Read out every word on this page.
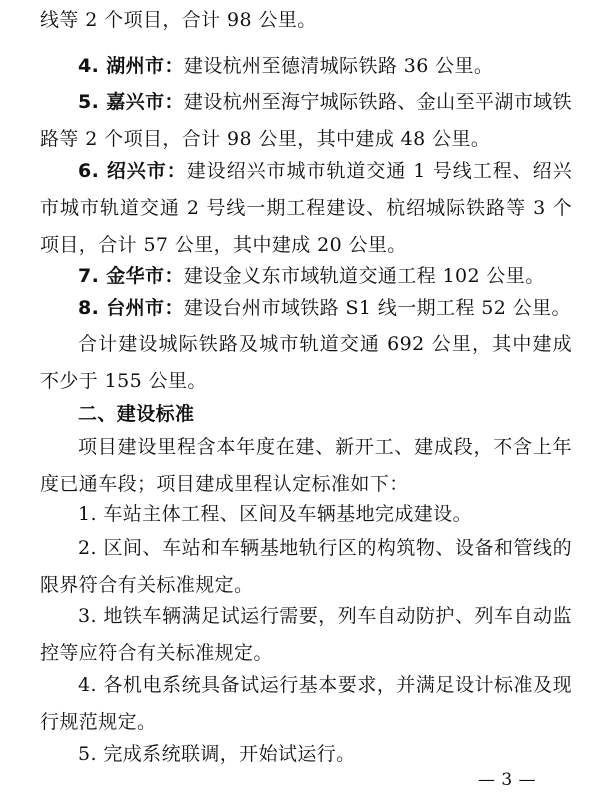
线等 2 个项目，合计 98 公里。

4. 湖州市：建设杭州至德清城际铁路 36 公里。

5. 嘉兴市：建设杭州至海宁城际铁路、金山至平湖市域铁路等 2 个项目，合计 98 公里，其中建成 48 公里。

6. 绍兴市：建设绍兴市城市轨道交通 1 号线工程、绍兴市城市轨道交通 2 号线一期工程建设、杭绍城际铁路等 3 个项目，合计 57 公里，其中建成 20 公里。

7. 金华市：建设金义东市域轨道交通工程 102 公里。

8. 台州市：建设台州市域铁路 S1 线一期工程 52 公里。

合计建设城际铁路及城市轨道交通 692 公里，其中建成不少于 155 公里。

二、建设标准

项目建设里程含本年度在建、新开工、建成段，不含上年度已通车段；项目建成里程认定标准如下：

1. 车站主体工程、区间及车辆基地完成建设。

2. 区间、车站和车辆基地轨行区的构筑物、设备和管线的限界符合有关标准规定。

3. 地铁车辆满足试运行需要，列车自动防护、列车自动监控等应符合有关标准规定。

4. 各机电系统具备试运行基本要求，并满足设计标准及现行规范规定。

5. 完成系统联调，开始试运行。

— 3 —
